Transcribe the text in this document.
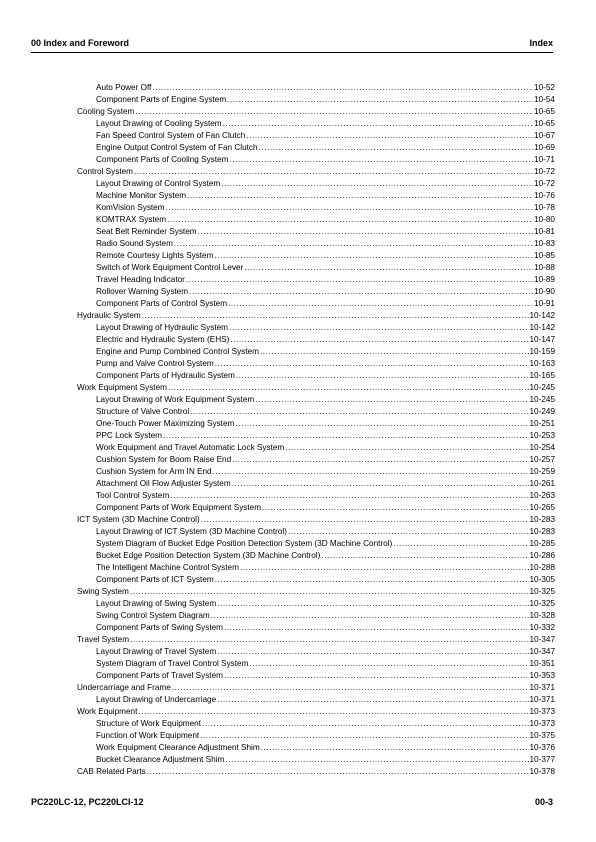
00 Index and Foreword	Index
Auto Power Off .....	10-52
Component Parts of Engine System .....	10-54
Cooling System .....	10-65
Layout Drawing of Cooling System .....	10-65
Fan Speed Control System of Fan Clutch .....	10-67
Engine Output Control System of Fan Clutch .....	10-69
Component Parts of Cooling System .....	10-71
Control System .....	10-72
Layout Drawing of Control System .....	10-72
Machine Monitor System .....	10-76
KomVision System .....	10-78
KOMTRAX System .....	10-80
Seat Belt Reminder System .....	10-81
Radio Sound System .....	10-83
Remote Courtesy Lights System .....	10-85
Switch of Work Equipment Control Lever .....	10-88
Travel Heading Indicator .....	10-89
Rollover Warning System .....	10-90
Component Parts of Control System .....	10-91
Hydraulic System .....	10-142
Layout Drawing of Hydraulic System .....	10-142
Electric and Hydraulic System (EHS) .....	10-147
Engine and Pump Combined Control System .....	10-159
Pump and Valve Control System .....	10-163
Component Parts of Hydraulic System .....	10-165
Work Equipment System .....	10-245
Layout Drawing of Work Equipment System .....	10-245
Structure of Valve Control .....	10-249
One-Touch Power Maximizing System .....	10-251
PPC Lock System .....	10-253
Work Equipment and Travel Automatic Lock System .....	10-254
Cushion System for Boom Raise End .....	10-257
Cushion System for Arm IN End .....	10-259
Attachment Oil Flow Adjuster System .....	10-261
Tool Control System .....	10-263
Component Parts of Work Equipment System .....	10-265
ICT System (3D Machine Control) .....	10-283
Layout Drawing of ICT System (3D Machine Control) .....	10-283
System Diagram of Bucket Edge Position Detection System (3D Machine Control) .....	10-285
Bucket Edge Position Detection System (3D Machine Control) .....	10-286
The Intelligent Machine Control System .....	10-288
Component Parts of ICT System .....	10-305
Swing System .....	10-325
Layout Drawing of Swing System .....	10-325
Swing Control System Diagram .....	10-328
Component Parts of Swing System .....	10-332
Travel System .....	10-347
Layout Drawing of Travel System .....	10-347
System Diagram of Travel Control System .....	10-351
Component Parts of Travel System .....	10-353
Undercarriage and Frame .....	10-371
Layout Drawing of Undercarriage .....	10-371
Work Equipment .....	10-373
Structure of Work Equipment .....	10-373
Function of Work Equipment .....	10-375
Work Equipment Clearance Adjustment Shim .....	10-376
Bucket Clearance Adjustment Shim .....	10-377
CAB Related Parts .....	10-378
PC220LC-12, PC220LCI-12	00-3
